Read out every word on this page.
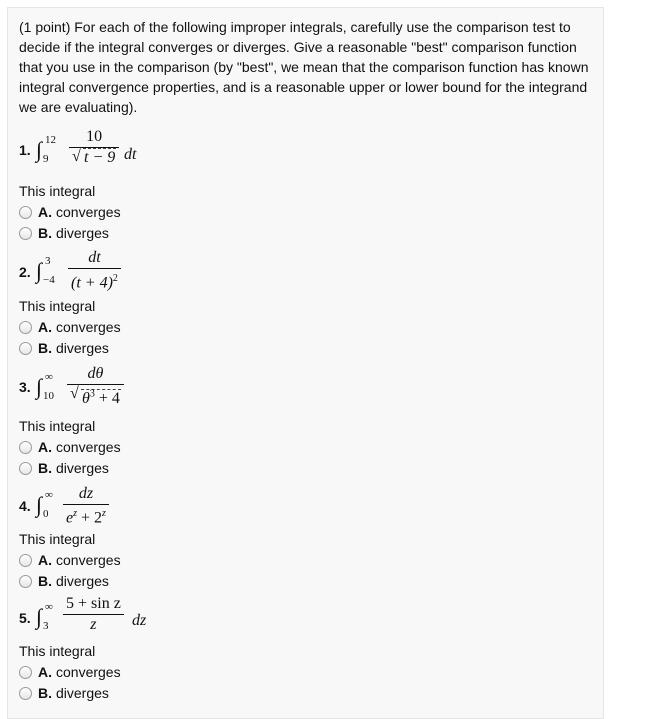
(1 point) For each of the following improper integrals, carefully use the comparison test to decide if the integral converges or diverges. Give a reasonable "best" comparison function that you use in the comparison (by "best", we mean that the comparison function has known integral convergence properties, and is a reasonable upper or lower bound for the integrand we are evaluating).

1. ∫ 12
9
10
√ t − 9 dt
This integral
A. converges
B. diverges
2. ∫ 3
−4
dt
$(t + 4)^2$
This integral
A. converges
B. diverges
3. ∫ ∞
10
dθ
√ $\theta^3 + 4$
This integral
A. converges
B. diverges
4. ∫ ∞
0
dz
$e^z + 2^z$
This integral
A. converges
B. diverges
5. ∫ ∞
3
5 + sin z
z	dz
This integral
A. converges
B. diverges
